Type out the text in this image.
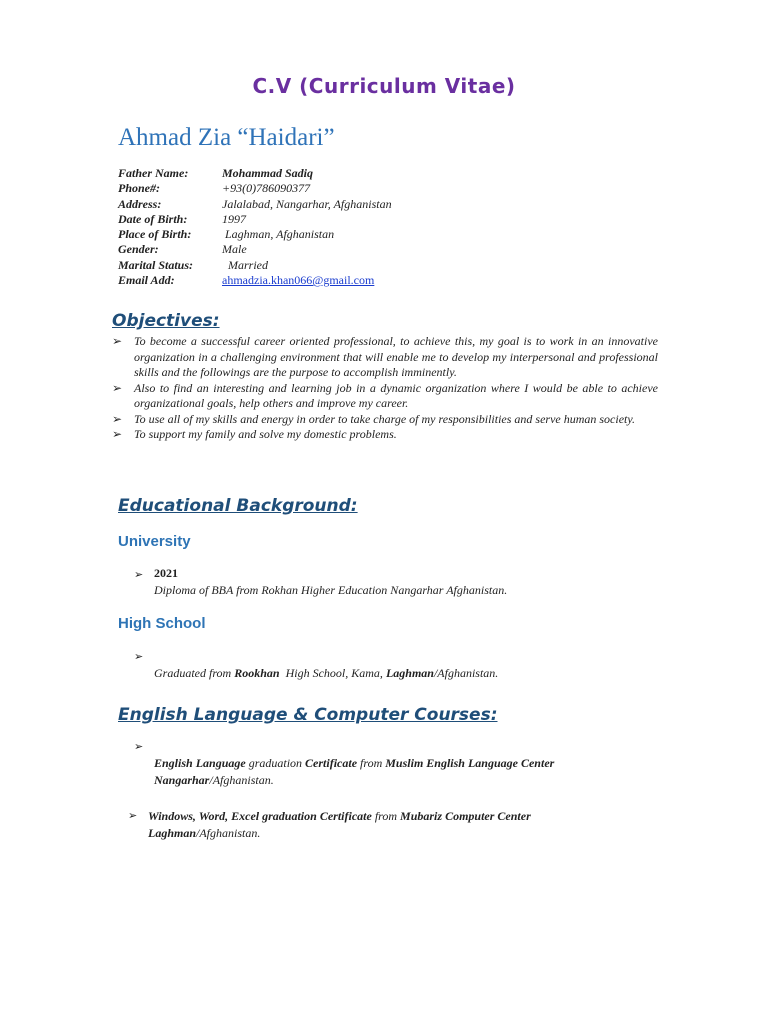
C.V (Curriculum Vitae)
Ahmad Zia “Haidari”
Father Name:	Mohammad Sadiq
Phone#:	+93(0)786090377
Address:	Jalalabad, Nangarhar, Afghanistan
Date of Birth:	1997
Place of Birth:	Laghman, Afghanistan
Gender:	Male
Marital Status:	Married
Email Add:	ahmadzia.khan066@gmail.com
Objectives:
➢ To become a successful career oriented professional, to achieve this, my goal is to work in an innovative organization in a challenging environment that will enable me to develop my interpersonal and professional skills and the followings are the purpose to accomplish imminently.
➢ Also to find an interesting and learning job in a dynamic organization where I would be able to achieve organizational goals, help others and improve my career.
➢ To use all of my skills and energy in order to take charge of my responsibilities and serve human society.
➢ To support my family and solve my domestic problems.
Educational Background:
University
➢ 2021
Diploma of BBA from Rokhan Higher Education Nangarhar Afghanistan.
High School
➢
Graduated from Rookhan  High School, Kama, Laghman/Afghanistan.
English Language & Computer Courses:
➢
English Language graduation Certificate from Muslim English Language Center
Nangarhar/Afghanistan.
➢ Windows, Word, Excel graduation Certificate from Mubariz Computer Center
Laghman/Afghanistan.
